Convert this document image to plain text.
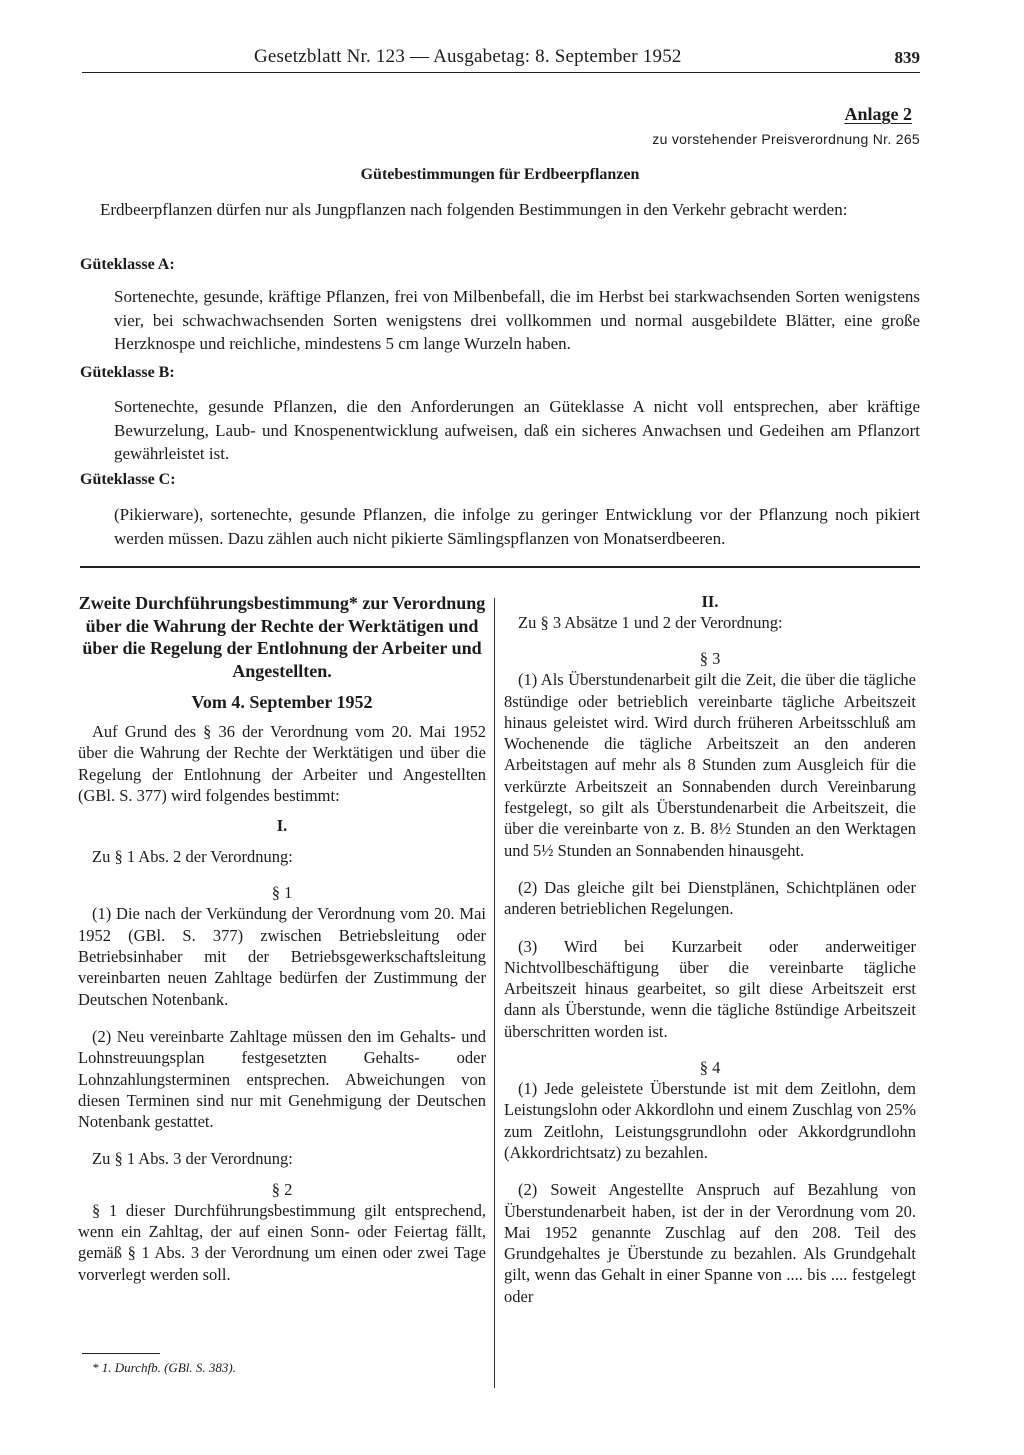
Gesetzblatt Nr. 123 — Ausgabetag: 8. September 1952	839
Anlage 2
zu vorstehender Preisverordnung Nr. 265
Gütebestimmungen für Erdbeerpflanzen
Erdbeerpflanzen dürfen nur als Jungpflanzen nach folgenden Bestimmungen in den Verkehr gebracht werden:
Güteklasse A:
Sortenechte, gesunde, kräftige Pflanzen, frei von Milbenbefall, die im Herbst bei starkwachsenden Sorten wenigstens vier, bei schwachwachsenden Sorten wenigstens drei vollkommen und normal ausgebildete Blätter, eine große Herzknospe und reichliche, mindestens 5 cm lange Wurzeln haben.
Güteklasse B:
Sortenechte, gesunde Pflanzen, die den Anforderungen an Güteklasse A nicht voll entsprechen, aber kräftige Bewurzelung, Laub- und Knospenentwicklung aufweisen, daß ein sicheres Anwachsen und Gedeihen am Pflanzort gewährleistet ist.
Güteklasse C:
(Pikierware), sortenechte, gesunde Pflanzen, die infolge zu geringer Entwicklung vor der Pflanzung noch pikiert werden müssen. Dazu zählen auch nicht pikierte Sämlingspflanzen von Monatserdbeeren.

Zweite Durchführungsbestimmung* zur Verordnung über die Wahrung der Rechte der Werktätigen und über die Regelung der Entlohnung der Arbeiter und Angestellten.

Vom 4. September 1952

Auf Grund des § 36 der Verordnung vom 20. Mai 1952 über die Wahrung der Rechte der Werktätigen und über die Regelung der Entlohnung der Arbeiter und Angestellten (GBl. S. 377) wird folgendes bestimmt:

I.

Zu § 1 Abs. 2 der Verordnung:

§ 1

(1) Die nach der Verkündung der Verordnung vom 20. Mai 1952 (GBl. S. 377) zwischen Betriebsleitung oder Betriebsinhaber mit der Betriebsgewerkschaftsleitung vereinbarten neuen Zahltage bedürfen der Zustimmung der Deutschen Notenbank.

(2) Neu vereinbarte Zahltage müssen den im Gehalts- und Lohnstreuungsplan festgesetzten Gehalts- oder Lohnzahlungsterminen entsprechen. Abweichungen von diesen Terminen sind nur mit Genehmigung der Deutschen Notenbank gestattet.

Zu § 1 Abs. 3 der Verordnung:

§ 2

§ 1 dieser Durchführungsbestimmung gilt entsprechend, wenn ein Zahltag, der auf einen Sonn- oder Feiertag fällt, gemäß § 1 Abs. 3 der Verordnung um einen oder zwei Tage vorverlegt werden soll.

* 1. Durchfb. (GBl. S. 383).

II.

Zu § 3 Absätze 1 und 2 der Verordnung:

§ 3

(1) Als Überstundenarbeit gilt die Zeit, die über die tägliche 8stündige oder betrieblich vereinbarte tägliche Arbeitszeit hinaus geleistet wird. Wird durch früheren Arbeitsschluß am Wochenende die tägliche Arbeitszeit an den anderen Arbeitstagen auf mehr als 8 Stunden zum Ausgleich für die verkürzte Arbeitszeit an Sonnabenden durch Vereinbarung festgelegt, so gilt als Überstundenarbeit die Arbeitszeit, die über die vereinbarte von z. B. 8½ Stunden an den Werktagen und 5½ Stunden an Sonnabenden hinausgeht.

(2) Das gleiche gilt bei Dienstplänen, Schichtplänen oder anderen betrieblichen Regelungen.

(3) Wird bei Kurzarbeit oder anderweitiger Nichtvollbeschäftigung über die vereinbarte tägliche Arbeitszeit hinaus gearbeitet, so gilt diese Arbeitszeit erst dann als Überstunde, wenn die tägliche 8stündige Arbeitszeit überschritten worden ist.

§ 4

(1) Jede geleistete Überstunde ist mit dem Zeitlohn, dem Leistungslohn oder Akkordlohn und einem Zuschlag von 25% zum Zeitlohn, Leistungsgrundlohn oder Akkordgrundlohn (Akkordrichtsatz) zu bezahlen.

(2) Soweit Angestellte Anspruch auf Bezahlung von Überstundenarbeit haben, ist der in der Verordnung vom 20. Mai 1952 genannte Zuschlag auf den 208. Teil des Grundgehaltes je Überstunde zu bezahlen. Als Grundgehalt gilt, wenn das Gehalt in einer Spanne von .... bis .... festgelegt oder
